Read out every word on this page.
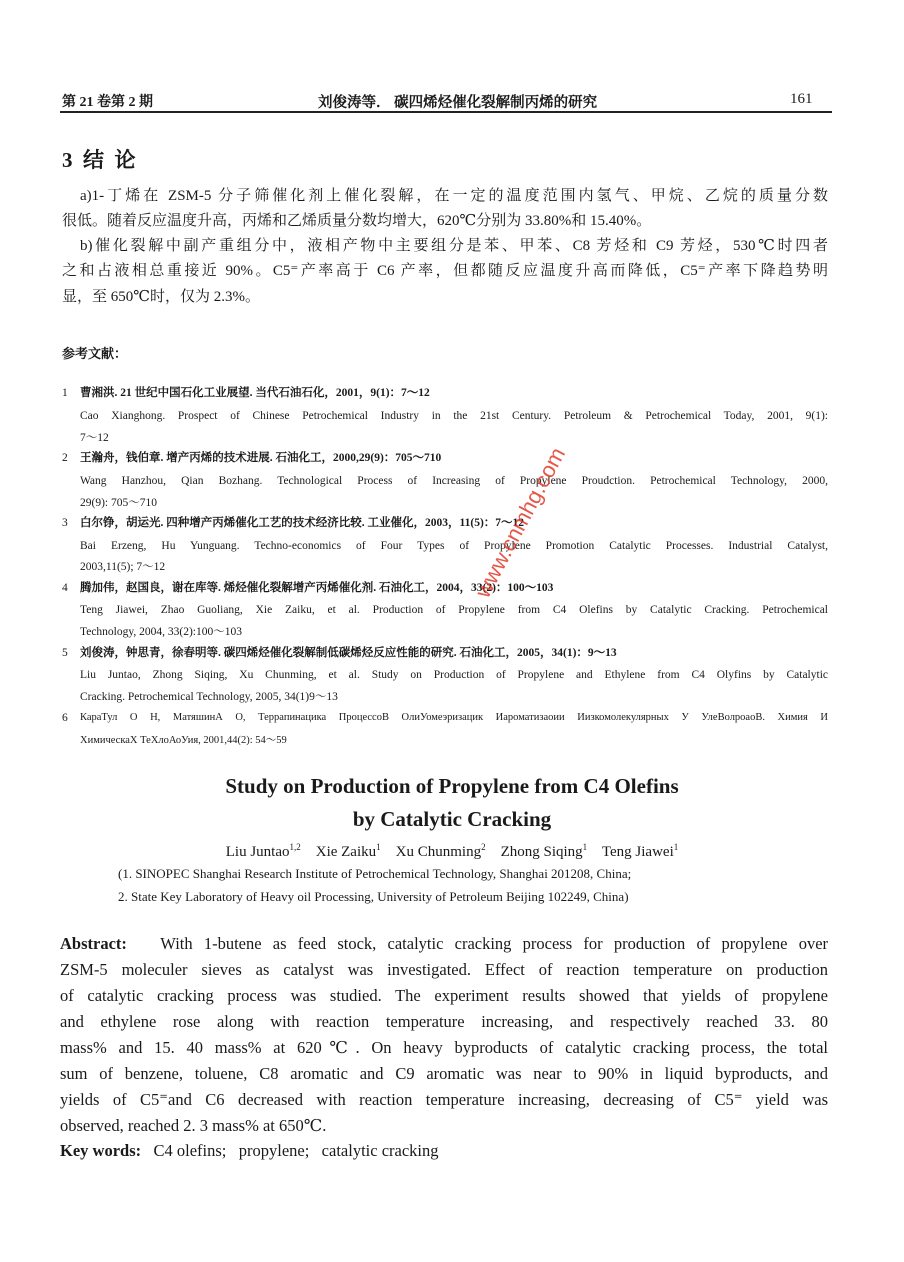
第 21 卷第 2 期	刘俊涛等． 碳四烯烃催化裂解制丙烯的研究	161
3  结  论
a)1-丁烯在 ZSM-5 分子筛催化剂上催化裂解，在一定的温度范围内氢气、甲烷、乙烷的质量分数
很低。随着反应温度升高，丙烯和乙烯质量分数均增大，620℃分别为 33.80%和 15.40%。
b)催化裂解中副产重组分中，液相产物中主要组分是苯、甲苯、C8 芳烃和 C9 芳烃，530℃时四者
之和占液相总重接近 90%。C5⁼产率高于 C6 产率，但都随反应温度升高而降低，C5⁼产率下降趋势明
显，至 650℃时，仅为 2.3%。
参考文献：
1 曹湘洪. 21 世纪中国石化工业展望. 当代石油石化，2001，9(1)：7～12
Cao Xianghong. Prospect of Chinese Petrochemical Industry in the 21st Century. Petroleum & Petrochemical Today, 2001, 9(1):
7～12
2 王瀚舟，钱伯章. 增产丙烯的技术进展. 石油化工，2000,29(9)：705～710
Wang Hanzhou, Qian Bozhang. Technological Process of Increasing of Propylene Proudction. Petrochemical Technology, 2000,
29(9): 705～710
3 白尔铮，胡运光. 四种增产丙烯催化工艺的技术经济比较. 工业催化，2003，11(5)：7～12
Bai Erzeng, Hu Yunguang. Techno-economics of Four Types of Propylene Promotion Catalytic Processes. Industrial Catalyst,
2003,11(5); 7～12
4 腾加伟，赵国良，谢在库等. 烯烃催化裂解增产丙烯催化剂. 石油化工，2004，33(2)：100～103
Teng Jiawei, Zhao Guoliang, Xie Zaiku, et al. Production of Propylene from C4 Olefins by Catalytic Cracking. Petrochemical
Technology, 2004, 33(2):100～103
5 刘俊涛，钟思青，徐春明等. 碳四烯烃催化裂解制低碳烯烃反应性能的研究. 石油化工，2005，34(1)：9～13
Liu Juntao, Zhong Siqing, Xu Chunming, et al. Study on Production of Propylene and Ethylene from C4 Olyfins by Catalytic
Cracking. Petrochemical Technology, 2005, 34(1)9～13
6 КараТул О Н, МатяшинА О, Террапинацика ПроцессоВ ОлиУомеэризацик Иароматизаоии Иизкомолекулярных У УлеВолроаоВ. Химия И
ХимическаХ ТеХлоАоУия, 2001,44(2): 54～59
www.cnmhg.com
Study on Production of Propylene from C4 Olefins
by Catalytic Cracking
Liu Juntao$^{1,2}$ Xie Zaiku$^1$ Xu Chunming$^2$ Zhong Siqing$^1$ Teng Jiawei$^1$
(1. SINOPEC Shanghai Research Institute of Petrochemical Technology, Shanghai 201208, China;
2. State Key Laboratory of Heavy oil Processing, University of Petroleum Beijing 102249, China)
Abstract: With 1-butene as feed stock, catalytic cracking process for production of propylene over
ZSM-5 moleculer sieves as catalyst was investigated. Effect of reaction temperature on production
of catalytic cracking process was studied. The experiment results showed that yields of propylene
and ethylene rose along with reaction temperature increasing, and respectively reached 33. 80
mass% and 15. 40 mass% at 620℃. On heavy byproducts of catalytic cracking process, the total
sum of benzene, toluene, C8 aromatic and C9 aromatic was near to 90% in liquid byproducts, and
yields of C5⁼and C6 decreased with reaction temperature increasing, decreasing of C5⁼ yield was
observed, reached 2. 3 mass% at 650℃.
Key words: C4 olefins;   propylene;   catalytic cracking
